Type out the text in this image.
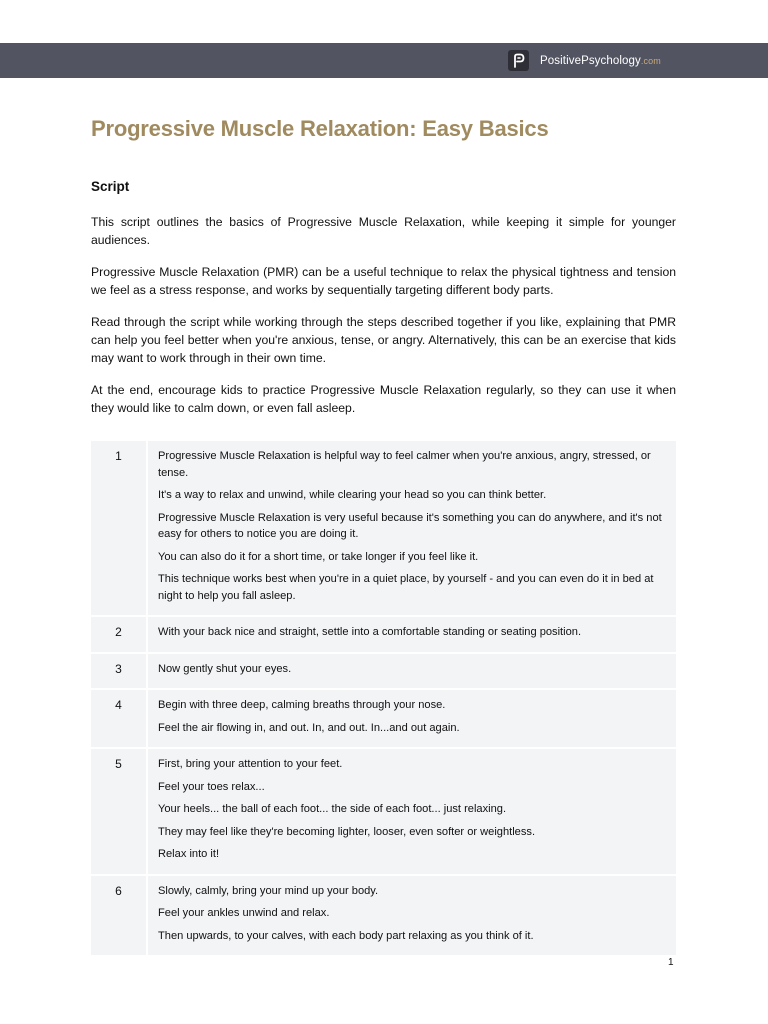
PositivePsychology.com
Progressive Muscle Relaxation: Easy Basics
Script

This script outlines the basics of Progressive Muscle Relaxation, while keeping it simple for younger audiences.

Progressive Muscle Relaxation (PMR) can be a useful technique to relax the physical tightness and tension we feel as a stress response, and works by sequentially targeting different body parts.

Read through the script while working through the steps described together if you like, explaining that PMR can help you feel better when you're anxious, tense, or angry. Alternatively, this can be an exercise that kids may want to work through in their own time.

At the end, encourage kids to practice Progressive Muscle Relaxation regularly, so they can use it when they would like to calm down, or even fall asleep.

1	Progressive Muscle Relaxation is helpful way to feel calmer when you're anxious, angry, stressed, or tense.

It's a way to relax and unwind, while clearing your head so you can think better.

Progressive Muscle Relaxation is very useful because it's something you can do anywhere, and it's not easy for others to notice you are doing it.

You can also do it for a short time, or take longer if you feel like it.

This technique works best when you're in a quiet place, by yourself - and you can even do it in bed at night to help you fall asleep.

2	With your back nice and straight, settle into a comfortable standing or seating position.

3	Now gently shut your eyes.

4	Begin with three deep, calming breaths through your nose.

Feel the air flowing in, and out. In, and out. In...and out again.

5	First, bring your attention to your feet.

Feel your toes relax...

Your heels... the ball of each foot... the side of each foot... just relaxing.

They may feel like they're becoming lighter, looser, even softer or weightless.

Relax into it!

6	Slowly, calmly, bring your mind up your body.

Feel your ankles unwind and relax.

Then upwards, to your calves, with each body part relaxing as you think of it.

1
